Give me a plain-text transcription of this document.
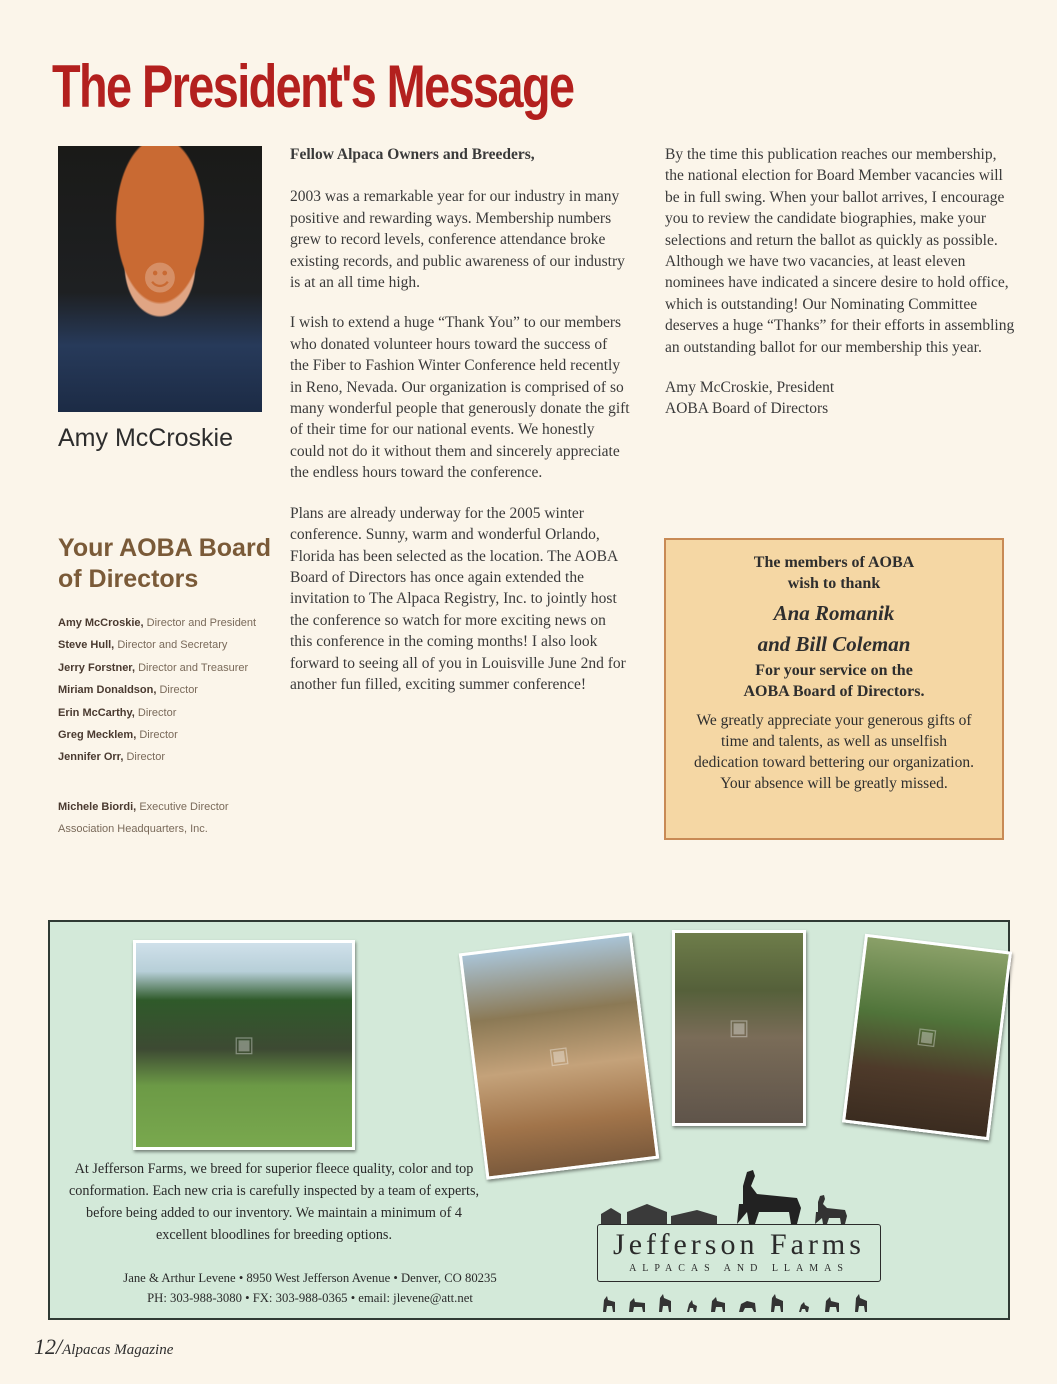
The President's Message
☻
Amy McCroskie
Your AOBA Board of Directors
Amy McCroskie, Director and President
Steve Hull, Director and Secretary
Jerry Forstner, Director and Treasurer
Miriam Donaldson, Director
Erin McCarthy, Director
Greg Mecklem, Director
Jennifer Orr, Director
Michele Biordi, Executive Director
Association Headquarters, Inc.

Fellow Alpaca Owners and Breeders,

2003 was a remarkable year for our industry in many positive and rewarding ways. Membership numbers grew to record levels, conference attendance broke existing records, and public awareness of our industry is at an all time high.

I wish to extend a huge “Thank You” to our members who donated volunteer hours toward the success of the Fiber to Fashion Winter Conference held recently in Reno, Nevada. Our organization is comprised of so many wonderful people that generously donate the gift of their time for our national events. We honestly could not do it without them and sincerely appreciate the endless hours toward the conference.

Plans are already underway for the 2005 winter conference. Sunny, warm and wonderful Orlando, Florida has been selected as the location. The AOBA Board of Directors has once again extended the invitation to The Alpaca Registry, Inc. to jointly host the conference so watch for more exciting news on this conference in the coming months! I also look forward to seeing all of you in Louisville June 2nd for another fun filled, exciting summer conference!

By the time this publication reaches our membership, the national election for Board Member vacancies will be in full swing. When your ballot arrives, I encourage you to review the candidate biographies, make your selections and return the ballot as quickly as possible. Although we have two vacancies, at least eleven nominees have indicated a sincere desire to hold office, which is outstanding! Our Nominating Committee deserves a huge “Thanks” for their efforts in assembling an outstanding ballot for our membership this year.

Amy McCroskie, President
AOBA Board of Directors

The members of AOBA
wish to thank
Ana Romanik
and Bill Coleman
For your service on the
AOBA Board of Directors.
We greatly appreciate your generous gifts of time and talents, as well as unselfish dedication toward bettering our organization. Your absence will be greatly missed.
▣	▣
▣	▣
At Jefferson Farms, we breed for superior fleece quality, color and top conformation. Each new cria is carefully inspected by a team of experts, before being added to our inventory. We maintain a minimum of 4 excellent bloodlines for breeding options.
Jane & Arthur Levene • 8950 West Jefferson Avenue • Denver, CO 80235
PH: 303-988-3080 • FX: 303-988-0365 • email: jlevene@att.net
Jefferson Farms
ALPACAS AND LLAMAS
12/Alpacas Magazine
